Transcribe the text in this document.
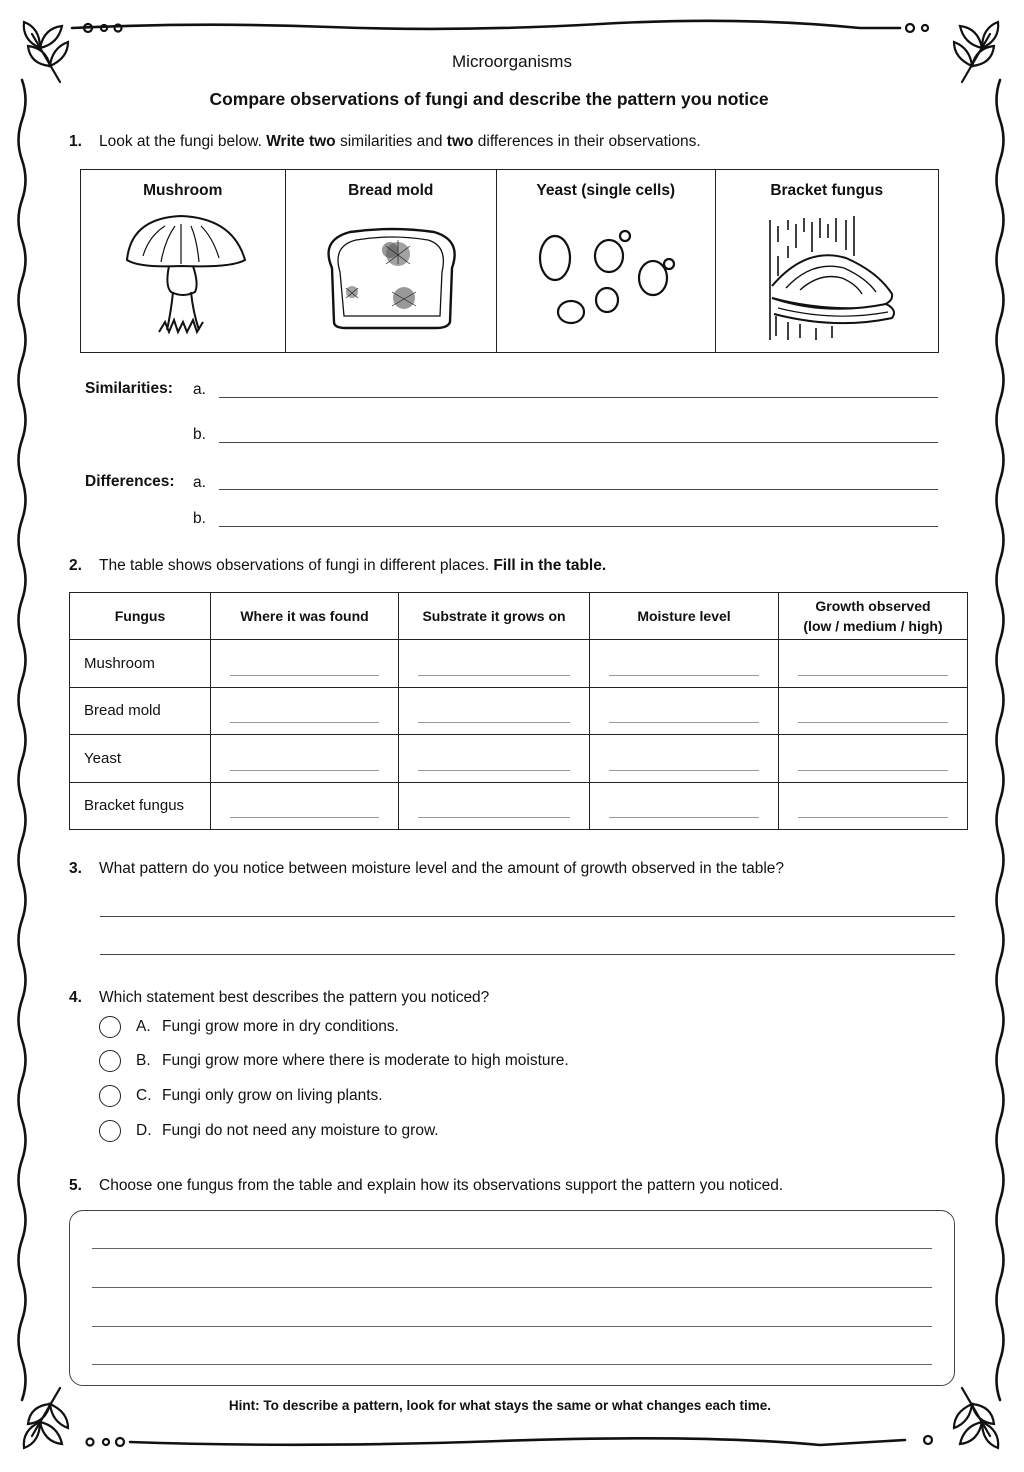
Microorganisms
Compare observations of fungi and describe the pattern you notice
1. Look at the fungi below. Write two similarities and two differences in their observations.
Mushroom	Bread mold	Yeast (single cells)	Bracket fungus
Similarities: a.
b.
Differences: a.
b.
2. The table shows observations of fungi in different places. Fill in the table.
Fungus	Where it was found	Substrate it grows on	Moisture level	Growth observed
(low / medium / high)
Mushroom	

Bread mold	

Yeast	

Bracket fungus	

3. What pattern do you notice between moisture level and the amount of growth observed in the table?
4. Which statement best describes the pattern you noticed?
A. Fungi grow more in dry conditions.
B. Fungi grow more where there is moderate to high moisture.
C. Fungi only grow on living plants.
D. Fungi do not need any moisture to grow.
5. Choose one fungus from the table and explain how its observations support the pattern you noticed.
Hint: To describe a pattern, look for what stays the same or what changes each time.
